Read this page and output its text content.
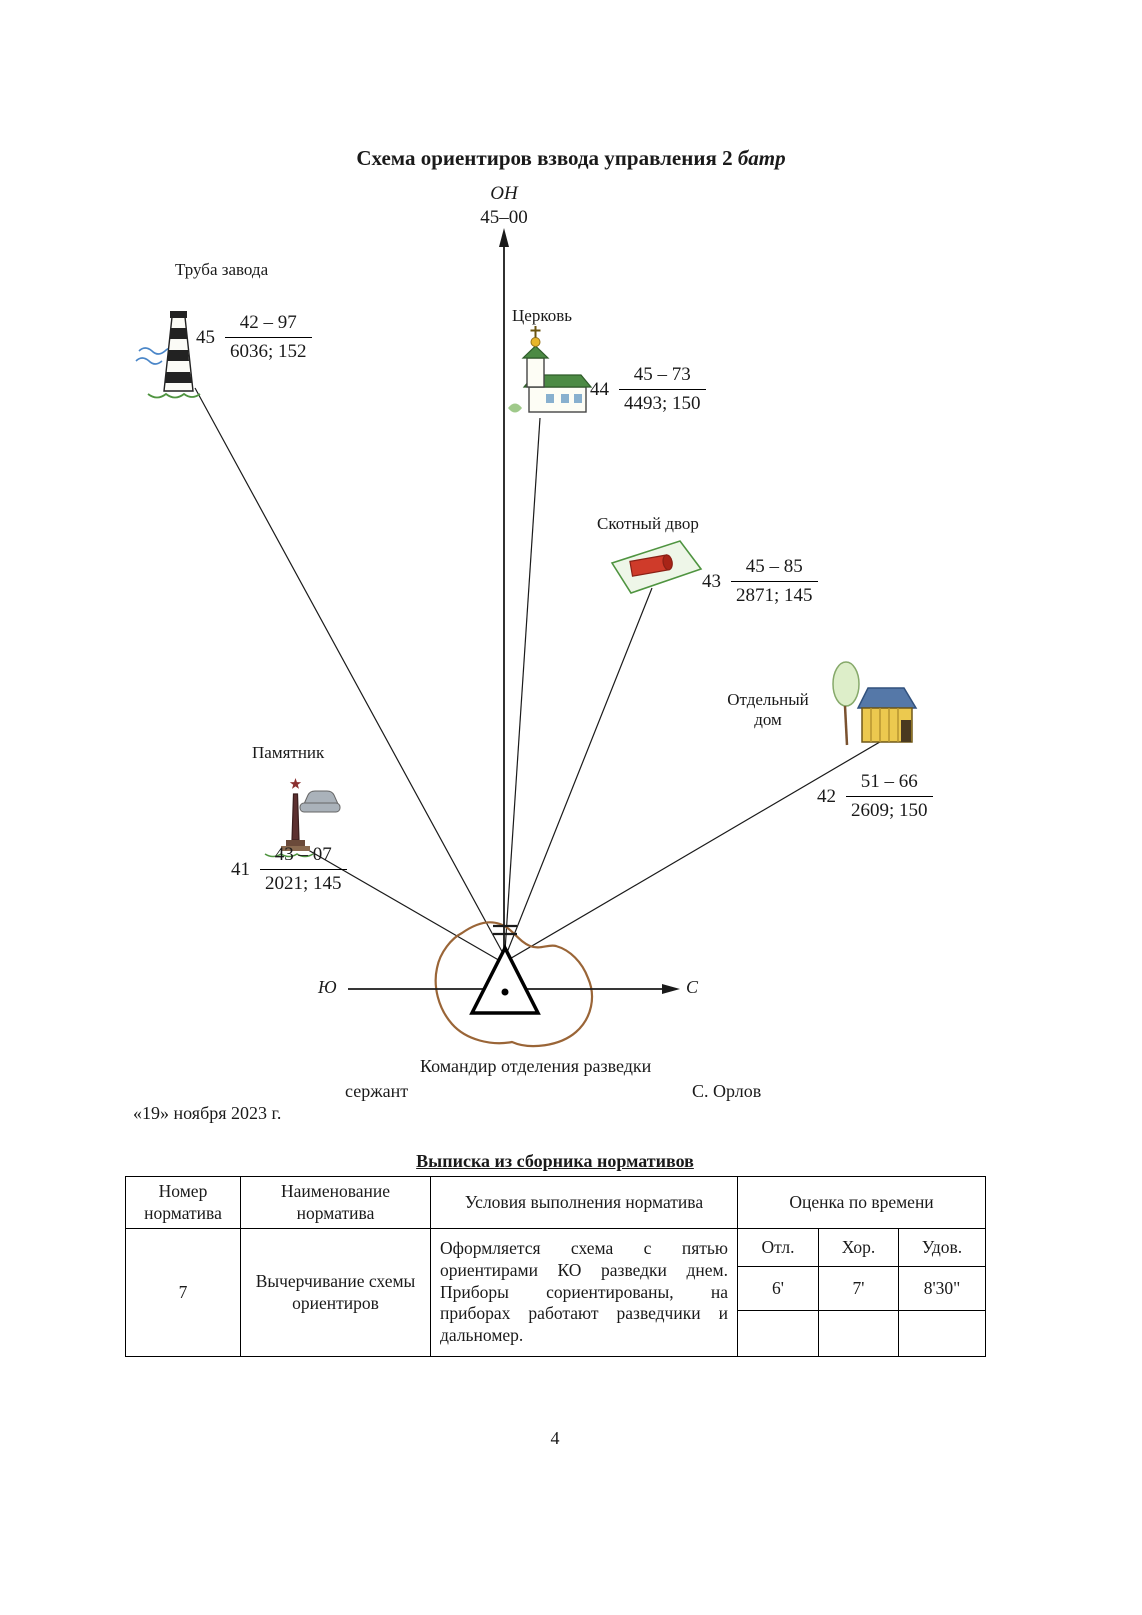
Схема ориентиров взвода управления 2 батр
ОН
45–00
Труба завода
Церковь
Скотный двор
Отдельный дом
Памятник
$45 \frac{42 - 97}{6036; 152}$
$44 \frac{45 - 73}{4493; 150}$
$43 \frac{45 - 85}{2871; 145}$
$42 \frac{51 - 66}{2609; 150}$
$41 \frac{43 - 07}{2021; 145}$
Ю	С
Командир отделения разведки
сержант	С. Орлов
«19» ноября 2023 г.
Выписка из сборника нормативов
Номер норматива	Наименование норматива	Условия выполнения норматива	Оценка по времени		
7	Вычерчивание схемы ориентиров	Оформляется схема с пятью ориентирами КО разведки днем. Приборы сориентированы, на приборах работают разведчики и дальномер.	Отл.	Хор.	Удов.
			6'	7'	8'30"

4
